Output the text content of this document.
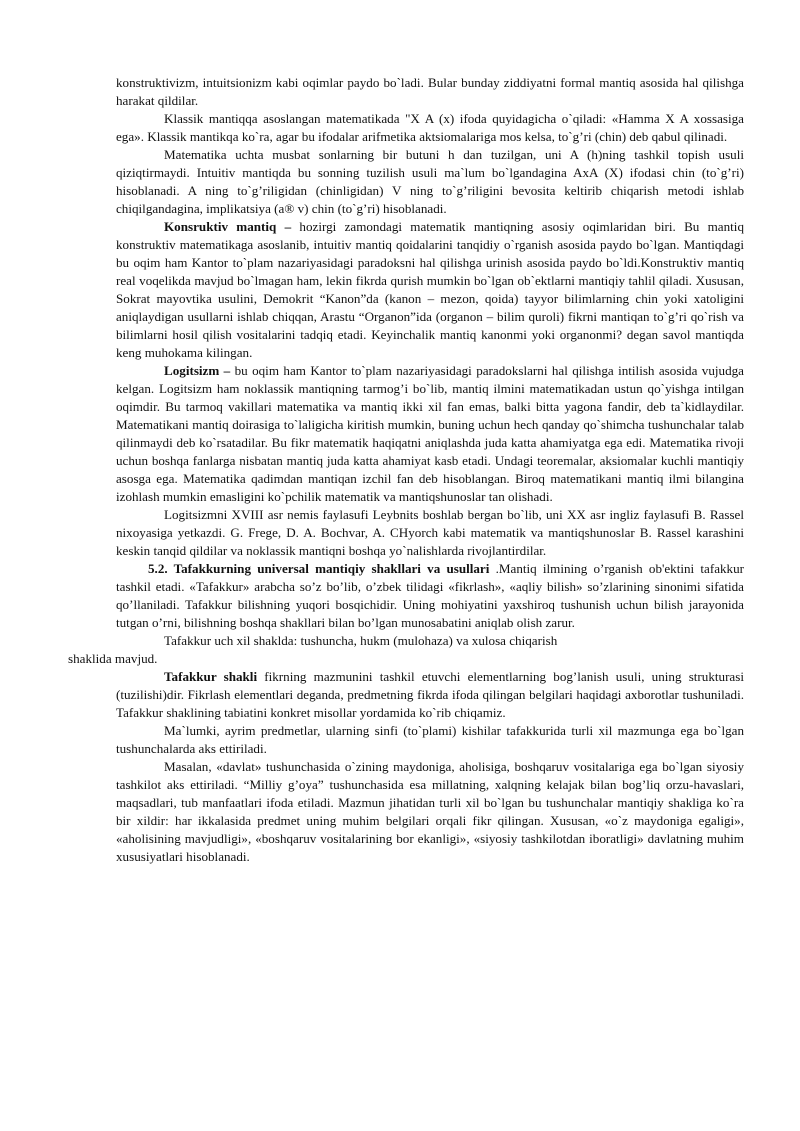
konstruktivizm, intuitsionizm kabi oqimlar paydo bo`ladi. Bular bunday ziddiyatni formal mantiq asosida hal qilishga harakat qildilar.

Klassik mantiqqa asoslangan matematikada "X A (x) ifoda quyidagicha o`qiladi: «Hamma X A xossasiga ega». Klassik mantikqa ko`ra, agar bu ifodalar arifmetika aktsiomalariga mos kelsa, to`g’ri (chin) deb qabul qilinadi.

Matematika uchta musbat sonlarning bir butuni h dan tuzilgan, uni A (h)ning tashkil topish usuli qiziqtirmaydi. Intuitiv mantiqda bu sonning tuzilish usuli ma`lum bo`lgandagina AxA (X) ifodasi chin (to`g’ri) hisoblanadi. A ning to`g’riligidan (chinligidan) V ning to`g’riligini bevosita keltirib chiqarish metodi ishlab chiqilgandagina, implikatsiya (a® v) chin (to`g’ri) hisoblanadi.

Konsruktiv mantiq – hozirgi zamondagi matematik mantiqning asosiy oqimlaridan biri. Bu mantiq konstruktiv matematikaga asoslanib, intuitiv mantiq qoidalarini tanqidiy o`rganish asosida paydo bo`lgan. Mantiqdagi bu oqim ham Kantor to`plam nazariyasidagi paradoksni hal qilishga urinish asosida paydo bo`ldi.Konstruktiv mantiq real voqelikda mavjud bo`lmagan ham, lekin fikrda qurish mumkin bo`lgan ob`ektlarni mantiqiy tahlil qiladi. Xususan, Sokrat mayovtika usulini, Demokrit “Kanon”da (kanon – mezon, qoida) tayyor bilimlarning chin yoki xatoligini aniqlaydigan usullarni ishlab chiqqan, Arastu “Organon”ida (organon – bilim quroli) fikrni mantiqan to`g’ri qo`rish va bilimlarni hosil qilish vositalarini tadqiq etadi. Keyinchalik mantiq kanonmi yoki organonmi? degan savol mantiqda keng muhokama kilingan.

Logitsizm – bu oqim ham Kantor to`plam nazariyasidagi paradokslarni hal qilishga intilish asosida vujudga kelgan. Logitsizm ham noklassik mantiqning tarmog’i bo`lib, mantiq ilmini matematikadan ustun qo`yishga intilgan oqimdir. Bu tarmoq vakillari matematika va mantiq ikki xil fan emas, balki bitta yagona fandir, deb ta`kidlaydilar. Matematikani mantiq doirasiga to`laligicha kiritish mumkin, buning uchun hech qanday qo`shimcha tushunchalar talab qilinmaydi deb ko`rsatadilar. Bu fikr matematik haqiqatni aniqlashda juda katta ahamiyatga ega edi. Matematika rivoji uchun boshqa fanlarga nisbatan mantiq juda katta ahamiyat kasb etadi. Undagi teoremalar, aksiomalar kuchli mantiqiy asosga ega. Matematika qadimdan mantiqan izchil fan deb hisoblangan. Biroq matematikani mantiq ilmi bilangina izohlash mumkin emasligini ko`pchilik matematik va mantiqshunoslar tan olishadi.

Logitsizmni XVIII asr nemis faylasufi Leybnits boshlab bergan bo`lib, uni XX asr ingliz faylasufi B. Rassel nixoyasiga yetkazdi. G. Frege, D. A. Bochvar, A. CHyorch kabi matematik va mantiqshunoslar B. Rassel karashini keskin tanqid qildilar va noklassik mantiqni boshqa yo`nalishlarda rivojlantirdilar.

5.2. Tafakkurning universal mantiqiy shakllari va usullari .Mantiq ilmining o’rganish ob'ektini tafakkur tashkil etadi. «Tafakkur» arabcha so’z bo’lib, o’zbek tilidagi «fikrlash», «aqliy bilish» so’zlarining sinonimi sifatida qo’llaniladi. Tafakkur bilishning yuqori bosqichidir. Uning mohiyatini yaxshiroq tushunish uchun bilish jarayonida tutgan o’rni, bilishning boshqa shakllari bilan bo’lgan munosabatini aniqlab olish zarur.

Tafakkur uch xil shaklda: tushuncha, hukm (mulohaza) va xulosa chiqarish
shaklida mavjud.

Tafakkur shakli fikrning mazmunini tashkil etuvchi elementlarning bog’lanish usuli, uning strukturasi (tuzilishi)dir. Fikrlash elementlari deganda, predmetning fikrda ifoda qilingan belgilari haqidagi axborotlar tushuniladi. Tafakkur shaklining tabiatini konkret misollar yordamida ko`rib chiqamiz.

Ma`lumki, ayrim predmetlar, ularning sinfi (to`plami) kishilar tafakkurida turli xil mazmunga ega bo`lgan tushunchalarda aks ettiriladi.

Masalan, «davlat» tushunchasida o`zining maydoniga, aholisiga, boshqaruv vositalariga ega bo`lgan siyosiy tashkilot aks ettiriladi. “Milliy g’oya” tushunchasida esa millatning, xalqning kelajak bilan bog’liq orzu-havaslari, maqsadlari, tub manfaatlari ifoda etiladi. Mazmun jihatidan turli xil bo`lgan bu tushunchalar mantiqiy shakliga ko`ra bir xildir: har ikkalasida predmet uning muhim belgilari orqali fikr qilingan. Xususan, «o`z maydoniga egaligi», «aholisining mavjudligi», «boshqaruv vositalarining bor ekanligi», «siyosiy tashkilotdan iboratligi» davlatning muhim xususiyatlari hisoblanadi.
